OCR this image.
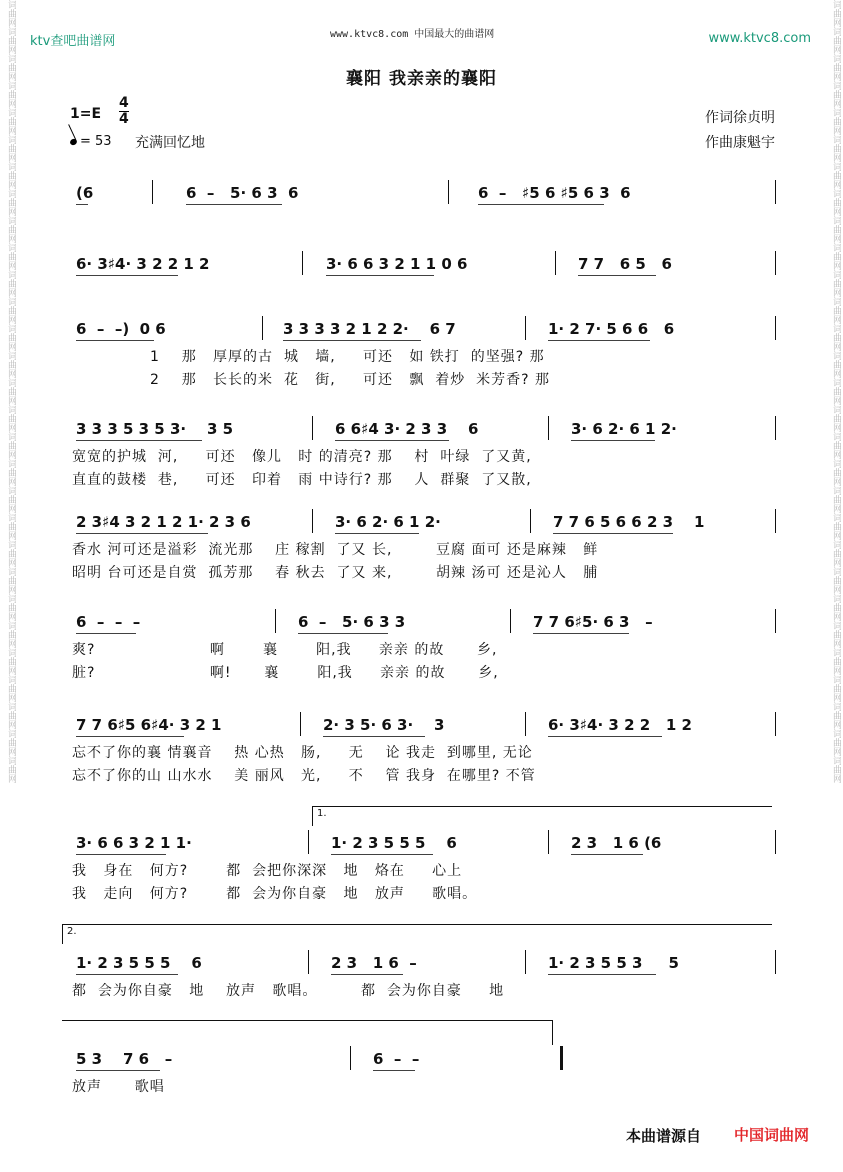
词曲网词曲网词曲网词曲网词曲网词曲网词曲网词曲网词曲网词曲网词曲网词曲网词曲网词曲网词曲网词曲网词曲网词曲网词曲网词曲网词曲网词曲网词曲网词曲网词曲网词曲网词曲网词曲网词曲网	词曲网词曲网词曲网词曲网词曲网词曲网词曲网词曲网词曲网词曲网词曲网词曲网词曲网词曲网词曲网词曲网词曲网词曲网词曲网词曲网词曲网词曲网词曲网词曲网词曲网词曲网词曲网词曲网词曲网
ktv查吧曲谱网	www.ktvc8.com 中国最大的曲谱网	www.ktvc8.com
襄阳 我亲亲的襄阳
1=E
4
4
= 53 充满回忆地
作词徐贞明
作曲康魁宇
(6	6  –   5· 6 3  6	6  –   ♯5 6 ♯5 6 3  6
6· 3♯4· 3 2 2 1 2	3· 6 6 3 2 1 1 0 6	7 7   6 5   6
6  –  –)  0 6	3 3 3 3 2 1 2 2·    6 7	1· 2 7· 5 6 6   6
1    那   厚厚的古  城   墙,     可还   如 铁打  的坚强? 那
2    那   长长的米  花   街,     可还   飘  着炒  米芳香? 那
3 3 3 5 3 5 3·    3 5	6 6♯4 3· 2 3 3    6	3· 6 2· 6 1 2·
宽宽的护城  河,     可还   像儿   时 的清亮? 那    村  叶绿  了又黄,
直直的鼓楼  巷,     可还   印着   雨 中诗行? 那    人  群聚  了又散,
2 3♯4 3 2 1 2 1· 2 3 6	3· 6 2· 6 1 2·	7 7 6 5 6 6 2 3    1
香水 河可还是溢彩  流光那    庄 稼割  了又 长,        豆腐 面可 还是麻辣   鲜
昭明 台可还是自赏  孤芳那    春 秋去  了又 来,        胡辣 汤可 还是沁人   脯
6  –  –  –	6  –   5· 6 3 3	7 7 6♯5· 6 3   –
爽?                     啊       襄       阳,我     亲亲 的故      乡,
脏?                     啊!      襄       阳,我     亲亲 的故      乡,
7 7 6♯5 6♯4· 3 2 1	2· 3 5· 6 3·    3	6· 3♯4· 3 2 2   1 2
忘不了你的襄 情襄音    热 心热   肠,     无    论 我走  到哪里, 无论
忘不了你的山 山水水    美 丽风   光,     不    管 我身  在哪里? 不管
3· 6 6 3 2 1 1·	1· 2 3 5 5 5    6	2 3   1 6 (6
我   身在   何方?       都  会把你深深   地   烙在     心上
我   走向   何方?       都  会为你自豪   地   放声     歌唱。
1· 2 3 5 5 5    6	2 3   1 6  –	1· 2 3 5 5 3     5
都  会为你自豪   地    放声   歌唱。        都  会为你自豪     地
5 3    7 6   –	6  –  –
放声      歌唱
1.
2.
本曲谱源自 中国词曲网
